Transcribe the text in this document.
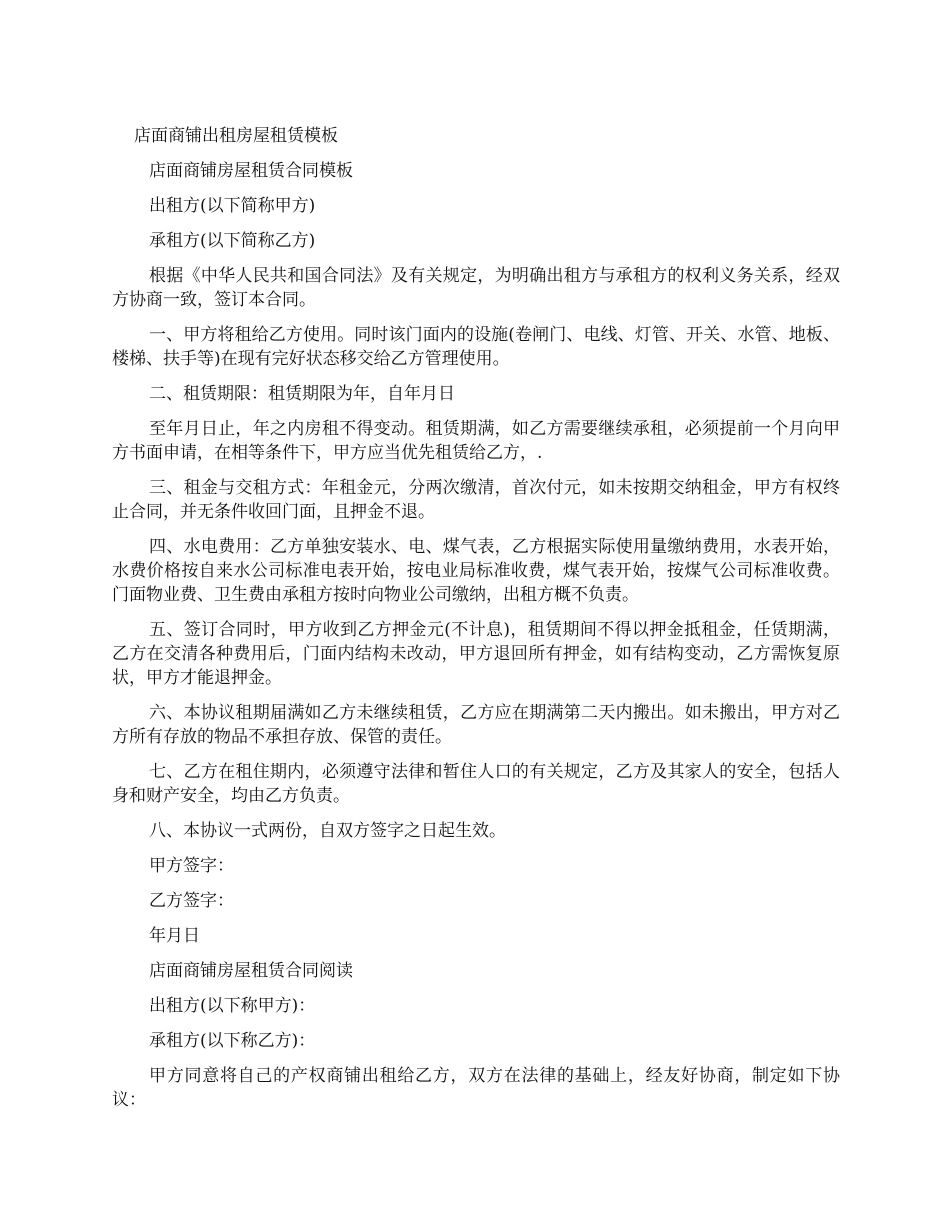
店面商铺出租房屋租赁模板

店面商铺房屋租赁合同模板

出租方(以下简称甲方)

承租方(以下简称乙方)

根据《中华人民共和国合同法》及有关规定，为明确出租方与承租方的权利义务关系，经双方协商一致，签订本合同。

一、甲方将租给乙方使用。同时该门面内的设施(卷闸门、电线、灯管、开关、水管、地板、楼梯、扶手等)在现有完好状态移交给乙方管理使用。

二、租赁期限：租赁期限为年，自年月日

至年月日止，年之内房租不得变动。租赁期满，如乙方需要继续承租，必须提前一个月向甲方书面申请，在相等条件下，甲方应当优先租赁给乙方，.

三、租金与交租方式：年租金元，分两次缴清，首次付元，如未按期交纳租金，甲方有权终止合同，并无条件收回门面，且押金不退。

四、水电费用：乙方单独安装水、电、煤气表，乙方根据实际使用量缴纳费用，水表开始，水费价格按自来水公司标准电表开始，按电业局标准收费，煤气表开始，按煤气公司标准收费。门面物业费、卫生费由承租方按时向物业公司缴纳，出租方概不负责。

五、签订合同时，甲方收到乙方押金元(不计息)，租赁期间不得以押金抵租金，任赁期满，乙方在交清各种费用后，门面内结构未改动，甲方退回所有押金，如有结构变动，乙方需恢复原状，甲方才能退押金。

六、本协议租期届满如乙方未继续租赁，乙方应在期满第二天内搬出。如未搬出，甲方对乙方所有存放的物品不承担存放、保管的责任。

七、乙方在租住期内，必须遵守法律和暂住人口的有关规定，乙方及其家人的安全，包括人身和财产安全，均由乙方负责。

八、本协议一式两份，自双方签字之日起生效。

甲方签字：

乙方签字：

年月日

店面商铺房屋租赁合同阅读

出租方(以下称甲方)：

承租方(以下称乙方)：

甲方同意将自己的产权商铺出租给乙方，双方在法律的基础上，经友好协商，制定如下协议：
